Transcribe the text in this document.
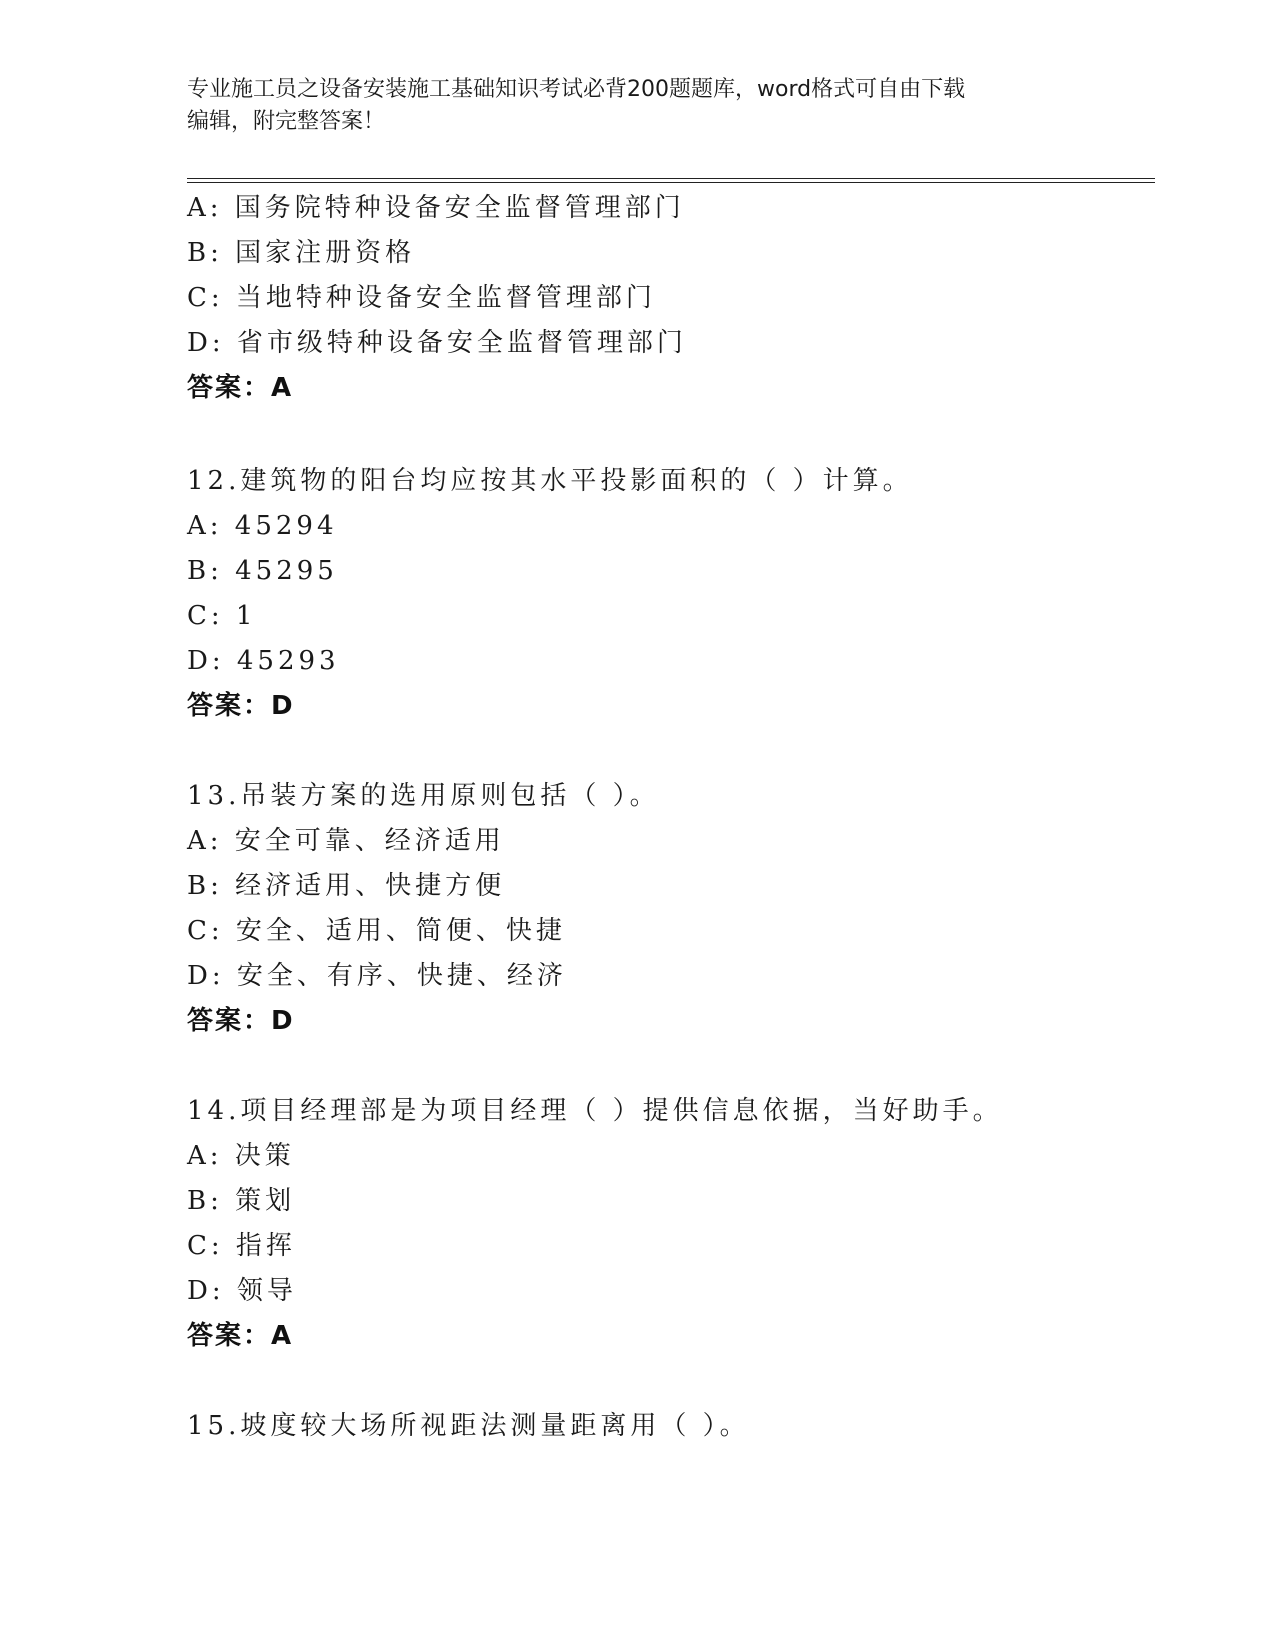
专业施工员之设备安装施工基础知识考试必背200题题库，word格式可自由下载
编辑，附完整答案！
A: 国务院特种设备安全监督管理部门
B: 国家注册资格
C: 当地特种设备安全监督管理部门
D: 省市级特种设备安全监督管理部门
答案：A
12.建筑物的阳台均应按其水平投影面积的（ ）计算。
A: 45294
B: 45295
C: 1
D: 45293
答案：D
13.吊装方案的选用原则包括（ ）。
A: 安全可靠、经济适用
B: 经济适用、快捷方便
C: 安全、适用、简便、快捷
D: 安全、有序、快捷、经济
答案：D
14.项目经理部是为项目经理（ ）提供信息依据，当好助手。
A: 决策
B: 策划
C: 指挥
D: 领导
答案：A
15.坡度较大场所视距法测量距离用（ ）。
